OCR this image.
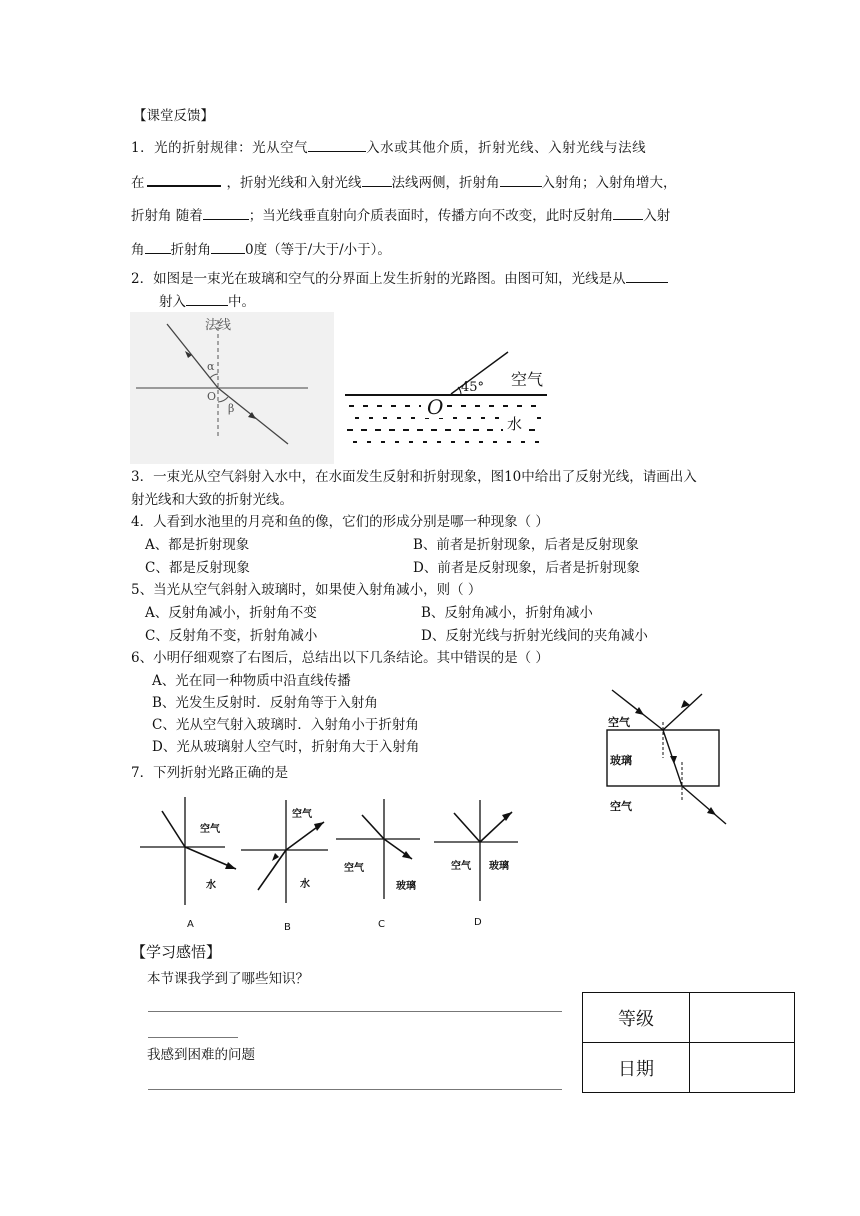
【课堂反馈】
1．光的折射规律：光从空气	入水或其他介质，折射光线、入射光线与法线
在	，折射光线和入射光线 法线两侧，折射角	入射角；入射角增大，
折射角 随着	；当光线垂直射向介质表面时，传播方向不改变，此时反射角 入射
角 折射角	0度（等于/大于/小于）。
2．如图是一束光在玻璃和空气的分界面上发生折射的光路图。由图可知，光线是从
射入	中。
法线
α
O
β
45° 空气
O
水
3．一束光从空气斜射入水中，在水面发生反射和折射现象，图10中给出了反射光线，请画出入
射光线和大致的折射光线。
4．人看到水池里的月亮和鱼的像，它们的形成分别是哪一种现象（ ）
A、都是折射现象	B、前者是折射现象，后者是反射现象
C、都是反射现象	D、前者是反射现象，后者是折射现象
5、当光从空气斜射入玻璃时，如果使入射角减小，则（ ）
A、反射角减小，折射角不变	B、反射角减小，折射角减小
C、反射角不变，折射角减小	D、反射光线与折射光线间的夹角减小
6、小明仔细观察了右图后，总结出以下几条结论。其中错误的是（ ）
A、光在同一种物质中沿直线传播
B、光发生反射时．反射角等于入射角
C、光从空气射入玻璃时．入射角小于折射角
D、光从玻璃射人空气时，折射角大于入射角
空气
玻璃
空气
7．下列折射光路正确的是
空气
水
A
空气
水
B
空气
玻璃
C
空气 玻璃
D
【学习感悟】
本节课我学到了哪些知识？
我感到困难的问题
等级	
日期	
